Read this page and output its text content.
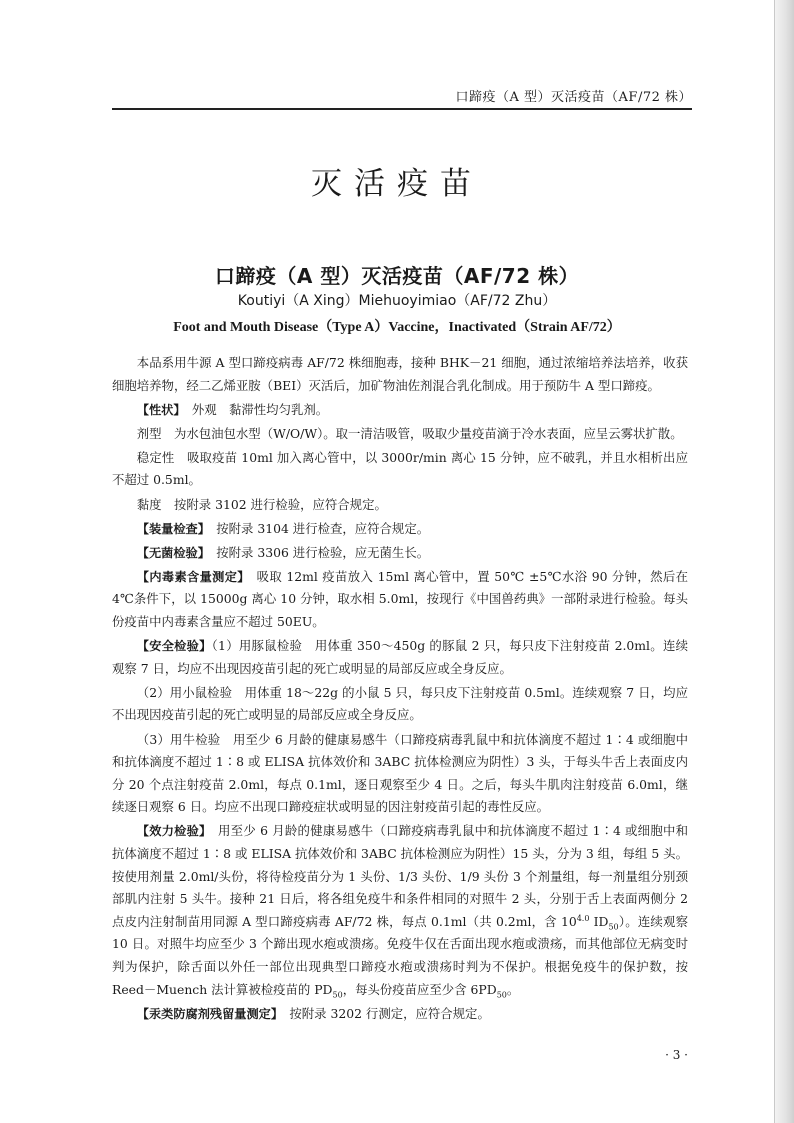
口蹄疫（A 型）灭活疫苗（AF/72 株）
灭活疫苗
口蹄疫（A 型）灭活疫苗（AF/72 株）
Koutiyi（A Xing）Miehuoyimiao（AF/72 Zhu）
Foot and Mouth Disease（Type A）Vaccine，Inactivated（Strain AF/72）

本品系用牛源 A 型口蹄疫病毒 AF/72 株细胞毒，接种 BHK－21 细胞，通过浓缩培养法培养，收获细胞培养物，经二乙烯亚胺（BEI）灭活后，加矿物油佐剂混合乳化制成。用于预防牛 A 型口蹄疫。

【性状】　 外观　黏滞性均匀乳剂。

剂型　为水包油包水型（W/O/W）。取一清洁吸管，吸取少量疫苗滴于冷水表面，应呈云雾状扩散。

稳定性　吸取疫苗 10ml 加入离心管中，以 3000r/min 离心 15 分钟，应不破乳，并且水相析出应不超过 0.5ml。

黏度　按附录 3102 进行检验，应符合规定。

【装量检查】　 按附录 3104 进行检查，应符合规定。

【无菌检验】　 按附录 3306 进行检验，应无菌生长。

【内毒素含量测定】　 吸取 12ml 疫苗放入 15ml 离心管中，置 50℃ ±5℃水浴 90 分钟，然后在 4℃条件下，以 15000g 离心 10 分钟，取水相 5.0ml，按现行《中国兽药典》一部附录进行检验。每头份疫苗中内毒素含量应不超过 50EU。

【安全检验】（1）用豚鼠检验　用体重 350～450g 的豚鼠 2 只，每只皮下注射疫苗 2.0ml。连续观察 7 日，均应不出现因疫苗引起的死亡或明显的局部反应或全身反应。

（2）用小鼠检验　用体重 18～22g 的小鼠 5 只，每只皮下注射疫苗 0.5ml。连续观察 7 日，均应不出现因疫苗引起的死亡或明显的局部反应或全身反应。

（3）用牛检验　用至少 6 月龄的健康易感牛（口蹄疫病毒乳鼠中和抗体滴度不超过 1∶4 或细胞中和抗体滴度不超过 1∶8 或 ELISA 抗体效价和 3ABC 抗体检测应为阴性）3 头，于每头牛舌上表面皮内分 20 个点注射疫苗 2.0ml，每点 0.1ml，逐日观察至少 4 日。之后，每头牛肌肉注射疫苗 6.0ml，继续逐日观察 6 日。均应不出现口蹄疫症状或明显的因注射疫苗引起的毒性反应。

【效力检验】　 用至少 6 月龄的健康易感牛（口蹄疫病毒乳鼠中和抗体滴度不超过 1∶4 或细胞中和抗体滴度不超过 1∶8 或 ELISA 抗体效价和 3ABC 抗体检测应为阴性）15 头，分为 3 组，每组 5 头。按使用剂量 2.0ml/头份，将待检疫苗分为 1 头份、1/3 头份、1/9 头份 3 个剂量组，每一剂量组分别颈部肌内注射 5 头牛。接种 21 日后，将各组免疫牛和条件相同的对照牛 2 头，分别于舌上表面两侧分 2 点皮内注射制苗用同源 A 型口蹄疫病毒 AF/72 株，每点 0.1ml（共 0.2ml，含 $10^{4.0}$ $ID_{50}$）。连续观察 10 日。对照牛均应至少 3 个蹄出现水疱或溃疡。免疫牛仅在舌面出现水疱或溃疡，而其他部位无病变时判为保护，除舌面以外任一部位出现典型口蹄疫水疱或溃疡时判为不保护。根据免疫牛的保护数，按 Reed－Muench 法计算被检疫苗的 $PD_{50}$，每头份疫苗应至少含 $6PD_{50}$。

【汞类防腐剂残留量测定】　 按附录 3202 行测定，应符合规定。

· 3 ·
